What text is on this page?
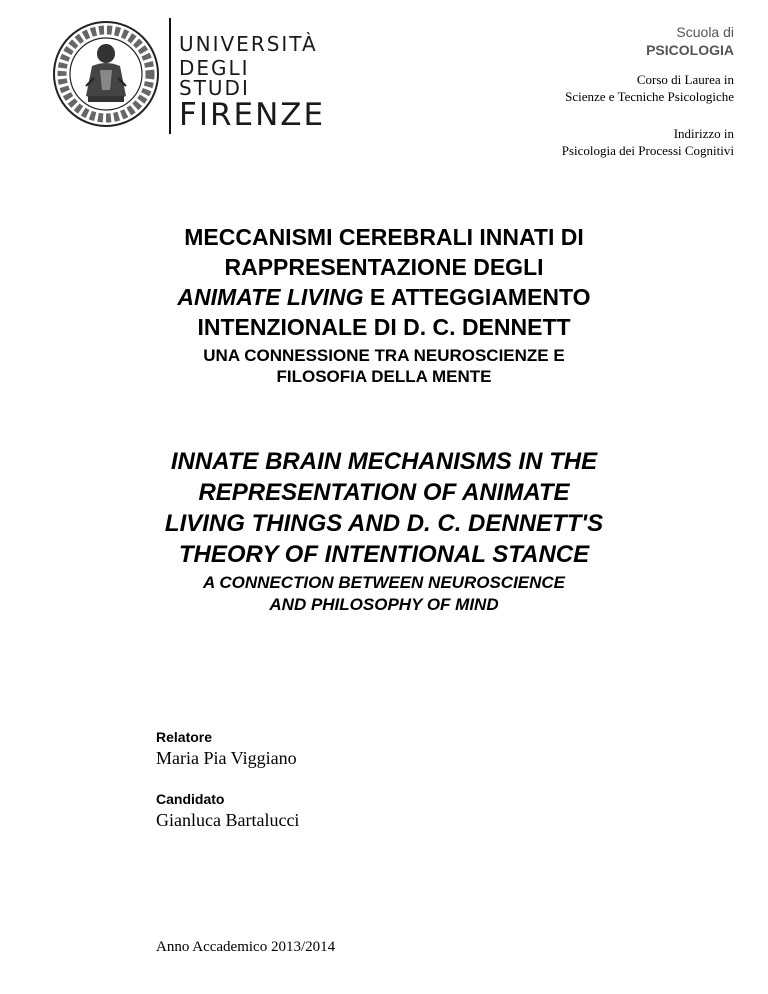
UNIVERSITÀ
DEGLI STUDI
FIRENZE
Scuola di
PSICOLOGIA
Corso di Laurea in
Scienze e Tecniche Psicologiche
Indirizzo in
Psicologia dei Processi Cognitivi
MECCANISMI CEREBRALI INNATI DI
RAPPRESENTAZIONE DEGLI
ANIMATE LIVING E ATTEGGIAMENTO
INTENZIONALE DI D. C. DENNETT
UNA CONNESSIONE TRA NEUROSCIENZE E
FILOSOFIA DELLA MENTE
INNATE BRAIN MECHANISMS IN THE
REPRESENTATION OF ANIMATE
LIVING THINGS AND D. C. DENNETT'S
THEORY OF INTENTIONAL STANCE
A CONNECTION BETWEEN NEUROSCIENCE
AND PHILOSOPHY OF MIND
Relatore
Maria Pia Viggiano
Candidato
Gianluca Bartalucci
Anno Accademico 2013/2014
